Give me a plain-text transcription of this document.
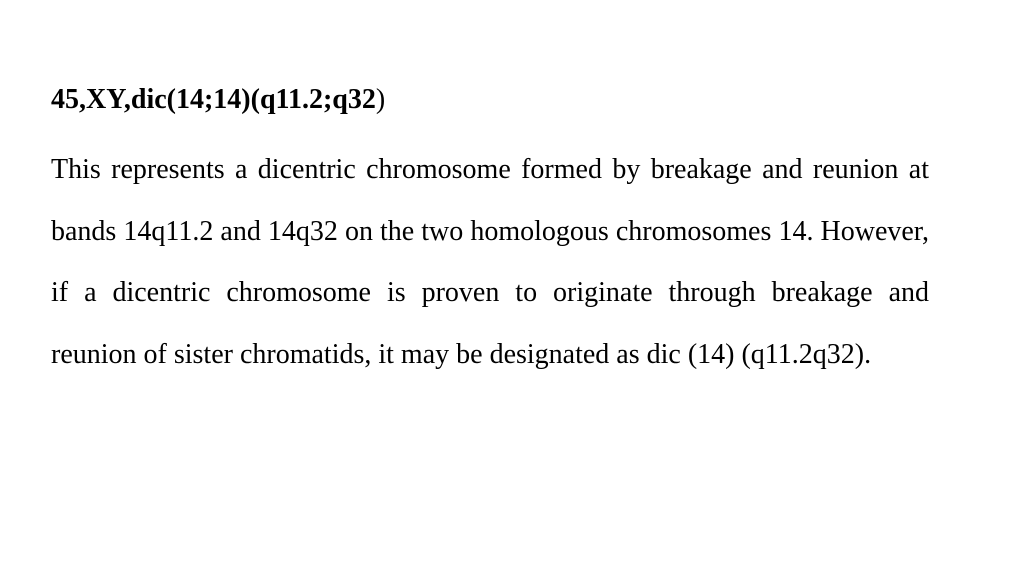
45,XY,dic(14;14)(q11.2;q32)

This represents a dicentric chromosome formed by breakage and reunion at bands 14q11.2 and 14q32 on the two homologous chromosomes 14. However, if a dicentric chromosome is proven to originate through breakage and reunion of sister chromatids, it may be designated as dic (14) (q11.2q32).
